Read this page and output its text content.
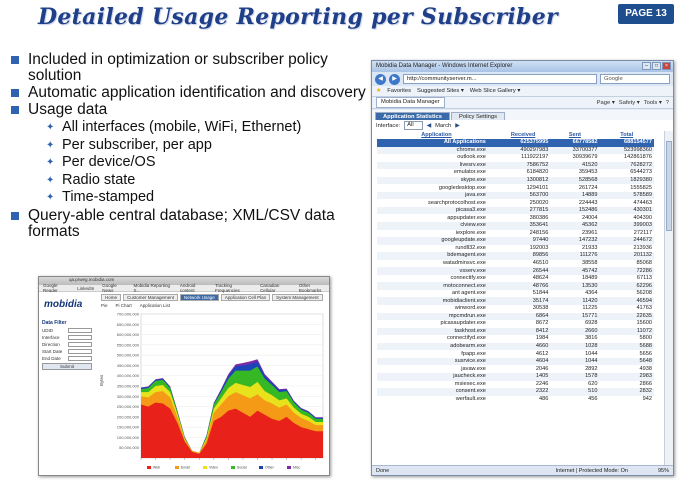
Detailed Usage Reporting per Subscriber	PAGE 13
Included in optimization or subscriber policy solution
Automatic application identification and discovery
Usage data
✦ All interfaces (mobile, WiFi, Ethernet)
✦ Per subscriber, per app
✦ Per device/OS
✦ Radio state
✦ Time-stamped
Query-able central database; XML/CSV data formats
Mobidia Data Manager - Windows Internet Explorer	–	□	×
◀	▶	http://communityserver.m...	Google
★ Favorites Suggested Sites ▾ Web Slice Gallery ▾
Mobidia Data Manager	Page ▾ Safety ▾ Tools ▾ ?
Application Statistics	Policy Settings
Interface:	All	◀ March ▶
Application	Received	Sent	Total
All Applications	625375995	66778582	688154577
chrome.exe	490297983	33700377	523998360
outlook.exe	111922197	30939679	142861876
livesrv.exe	7586752	41520	7628272
emulator.exe	6184820	359453	6544273
skype.exe	1300812	528568	1829380
googledesktop.exe	1294101	261724	1555825
java.exe	563700	14889	578589
searchprotocolhost.exe	250020	224443	474463
picasa3.exe	277815	152486	430301
appupdater.exe	380386	24004	404390
clview.exe	353641	45362	399003
iexplore.exe	248156	23961	272117
googleupdate.exe	97440	147232	244672
rundll32.exe	192003	21933	213936
bdemagent.exe	89856	111276	201132
watadminsvc.exe	46510	38558	85068
vsserv.exe	26544	45742	72286
connectify.exe	48624	18489	67113
motoconnect.exe	48766	13530	62296
ant agent.exe	51844	4364	56208
mobidiaclient.exe	35174	11420	46594
winword.exe	30538	11225	41763
mpcmdrun.exe	6864	15771	22635
picasaupdater.exe	8672	6928	15600
taskhost.exe	8412	2660	11072
connectifyd.exe	1984	3816	5800
adobearm.exe	4660	1028	5688
fpapp.exe	4612	1044	5656
susrvice.exe	4604	1044	5648
javaw.exe	2046	2892	4938
jaucheck.exe	1405	1578	2983
msiexec.exe	2246	620	2866
consent.exe	2322	510	2832
werfault.exe	486	456	942
Done	Internet | Protected Mode: On	95%
qa.prweg.mobidia.com
Google Reader	LinkedIn Google News
Mobidia Reporting S...
Android content
Tracking Frequencies
Canadian Cellular
Other Bookmarks
mobidia
Home	Customer Management	Network Usage	Application Cell Plan	System Management
Pie Pi Chart Application List
Data Filter
UDID
Interface
Direction
Start Date
End Date
Submit
700,000,000
650,000,000
600,000,000
550,000,000
500,000,000
450,000,000
400,000,000
350,000,000
300,000,000
250,000,000
200,000,000
150,000,000
100,000,000
50,000,000
Bytes
Web	Email	Video	Social	Other	Misc
